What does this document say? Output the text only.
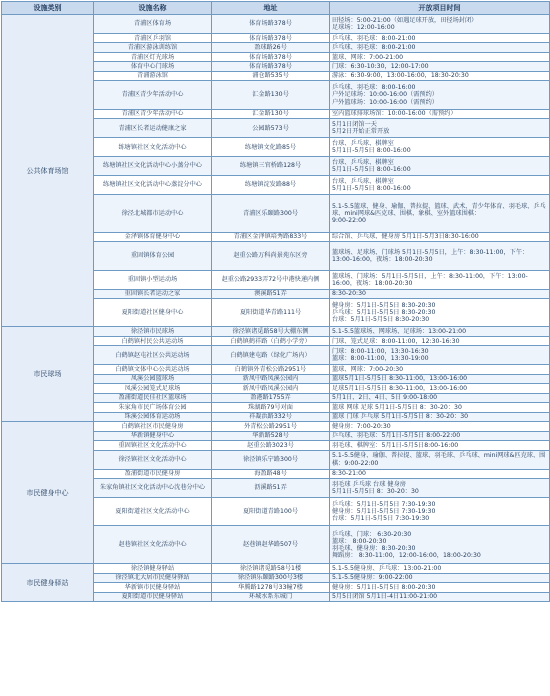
设施类别	设施名称	地址	开放项目时间
公共体育场馆	青浦区体育场	体育场路378号	田径场：5:00-21:00（如遇足球开放，田径场封闭）
足球场：12:00-16:00
	青浦区乒羽馆	体育场路378号	乒乓球、羽毛球：8:00-21:00
	青浦区游泳训练馆	盈球路26号	乒乓球、羽毛球：8:00-21:00
	青浦区灯光球场	体育场路378号	篮球、网球：7:00-21:00
	体育中心门球场	体育场路378号	门球：6:30-10:30，12:00-17:00
	青浦游泳馆	浦仓路535号	游泳：6:30-9:00，13:00-16:00，18:30-20:30
	青浦区青少年活动中心	汇金路130号	乒乓球、羽毛球：8:00-16:00
户外足球场：10:00-16:00（需预约）
户外篮球场：10:00-16:00（需预约）
	青浦区青少年活动中心	汇金路130号	室内篮球排球场馆：10:00-16:00（需预约）
	青浦区长者运动健康之家	公园路573号	5月1日闭馆一天
5月2日开始正常开放
	练塘镇社区文化活动中心	练塘镇文化路85号	台球、乒乓球、棋牌室
5月1日-5月5日 8:00-16:00
	练塘镇社区文化活动中心小蒸分中心	练塘镇三官桥路128号	台球、乒乓球、棋牌室
5月1日-5月5日 8:00-16:00
	练塘镇社区文化活动中心蒸淀分中心	练塘镇淀发路88号	台球、乒乓球、棋牌室
5月1日-5月5日 8:00-16:00
	徐泾北城都市运动中心	青浦区乐颐路300号	5.1-5.5篮球、健身、瑜伽、普拉提、篮球、武术、青少年体育、羽毛球、乒乓球、mini网球&匹克球、围棋、象棋、室外篮球围棋：
9:00-22:00
	金泽镇体育健身中心	青浦区金泽镇培秀路833号	综合馆、乒乓球、健身房 5月1日-5月3日8:30-16:00
	重固镇体育公园	赵重公路万科尚景苑东区旁	篮球场、足球场、门球场 5月1日-5月5日，上午：8:30-11:00，下午：13:00-16:00，夜场：18:00-20:30
	重固镇小型运动场	赵重公路2933弄72号中港快递内侧	篮球场、门球场：5月1日-5月5日，上午：8:30-11:00，下午：13:00-16:00，夜场：18:00-20:30
	重固镇长者运动之家	澳溪路51弄	8:30-20:30
	夏阳街道社区健身中心	夏阳街道华青路111号	健身房：5月1日-5月5日 8:30-20:30
乒乓球：5月1日-5月5日 8:30-20:30
台球：5月1日-5月5日 8:30-20:30
市民球场	徐泾镇市民球场	徐泾镇诸觅路58号大棚东侧	5.1-5.5篮球场、网球场、足球场：13:00-21:00
	白鹤镇村民公共运动场	白鹤镇鹤祥路（白鹤小学旁）	门球、笼式足球：8:00-11:00，12:30-16:30
	白鹤镇赵屯社区公共运动场	白鹤镇建屯路（绿化广场内）	门球：8:00-11:00，13:30-16:30
篮球：8:00-11:00，13:30-19:00
	白鹤镇文体中心公共运动场	白鹤镇外青松公路2951号	篮球、网球：7:00-20:30
	凤溪公园篮球场	新凤中路凤溪公园内	篮球5月1日-5月5日 8:30-11:00，13:00-16:00
	凤溪公园笼式足球场	新凤中路凤溪公园内	足球5月1日-5月5日 8:30-11:00，13:00-16:00
	盈浦街道民佳社区篮球场	盈港路1755弄	5月1日、2日、4日、5日 9:00-18:00
	朱家角市民广场体育公园	珠湖路79号对面	篮球 网球 足球 5月1日-5月5日 8：30-20：30
	珠溪公园体育运动场	祥凝浜路332号	篮球 门球 乒乓球 5月1日-5月5日 8：30-20：30
市民健身中心	白鹤镇社区市民健身房	外青松公路2951号	健身房：7:00-20:30
	华新镇健身中心	华新路528号	乒乓球、羽毛球：5月1日-5月5日 8:00-22:00
	重固镇社区文化活动中心	赵重公路3023号	羽毛球、棋牌室：5月1日-5月5日8:00-16:00
	徐泾镇社区文化活动中心	徐泾镇乐宁路300号	5.1-5.5健身、瑜伽、普拉提、篮球、羽毛球、乒乓球、mini网球&匹克球、围棋：9:00-22:00
	盈浦街道市民健身房	海盈路48号	8:30-21:00
	朱家角镇社区文化活动中心沈巷分中心	沥溪路51弄	羽毛球 乒乓球 台球 健身房
5月1日-5月5日 8：30-20：30
	夏阳街道社区文化活动中心	夏阳街道青路100号	乒乓球：5月1日-5月5日 7:30-19:30
健身房：5月1日-5月5日 7:30-19:30
台球：5月1日-5月5日 7:30-19:30
	赵巷镇社区文化活动中心	赵巷镇赵华路507号	乒乓球、门球： 6:30-20:30
篮球： 8:00-20:30
羽毛球、健身房：8:30-20:30
舞蹈房： 8:30-11:00，12:00-16:00，18:00-20:30
市民健身驿站	徐泾镇健身驿站	徐泾镇诸觅路58号1楼	5.1-5.5健身房、乒乓球：13:00-21:00
	徐泾镇北大居市民健身驿站	徐泾镇乐颐路300号3楼	5.1-5.5健身房：9:00-22:00
	华新镇市民健身驿站	华腾路1278号33幢7楼	健身房：5月1日-5月5日 8:00-20:30
	夏阳街道市民健身驿站	环城水系东城门	5月5日闭馆 5月1日-4日11:00-21:00
